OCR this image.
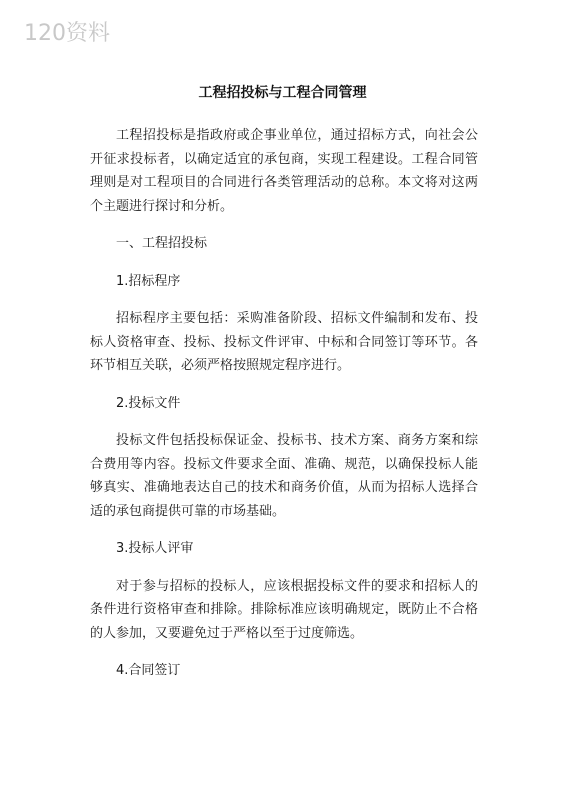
120资料
工程招投标与工程合同管理

工程招投标是指政府或企事业单位，通过招标方式，向社会公开征求投标者，以确定适宜的承包商，实现工程建设。工程合同管理则是对工程项目的合同进行各类管理活动的总称。本文将对这两个主题进行探讨和分析。

一、工程招投标

1.招标程序

招标程序主要包括：采购准备阶段、招标文件编制和发布、投标人资格审查、投标、投标文件评审、中标和合同签订等环节。各环节相互关联，必须严格按照规定程序进行。

2.投标文件

投标文件包括投标保证金、投标书、技术方案、商务方案和综合费用等内容。投标文件要求全面、准确、规范，以确保投标人能够真实、准确地表达自己的技术和商务价值，从而为招标人选择合适的承包商提供可靠的市场基础。

3.投标人评审

对于参与招标的投标人，应该根据投标文件的要求和招标人的条件进行资格审查和排除。排除标准应该明确规定，既防止不合格的人参加，又要避免过于严格以至于过度筛选。

4.合同签订
